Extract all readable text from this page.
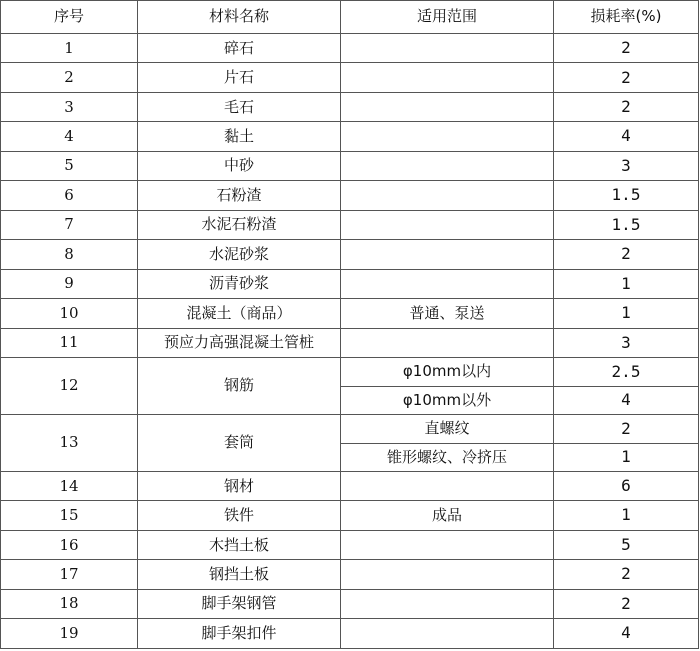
序号	材料名称	适用范围	损耗率(%)
1	碎石		2
2	片石		2
3	毛石		2
4	黏土		4
5	中砂		3
6	石粉渣		1.5
7	水泥石粉渣		1.5
8	水泥砂浆		2
9	沥青砂浆		1
10	混凝土（商品）	普通、泵送	1
11	预应力高强混凝土管桩		3
12	钢筋	φ10mm以内	2.5
		φ10mm以外	4
13	套筒	直螺纹	2
		锥形螺纹、冷挤压	1
14	钢材		6
15	铁件	成品	1
16	木挡土板		5
17	钢挡土板		2
18	脚手架钢管		2
19	脚手架扣件		4
